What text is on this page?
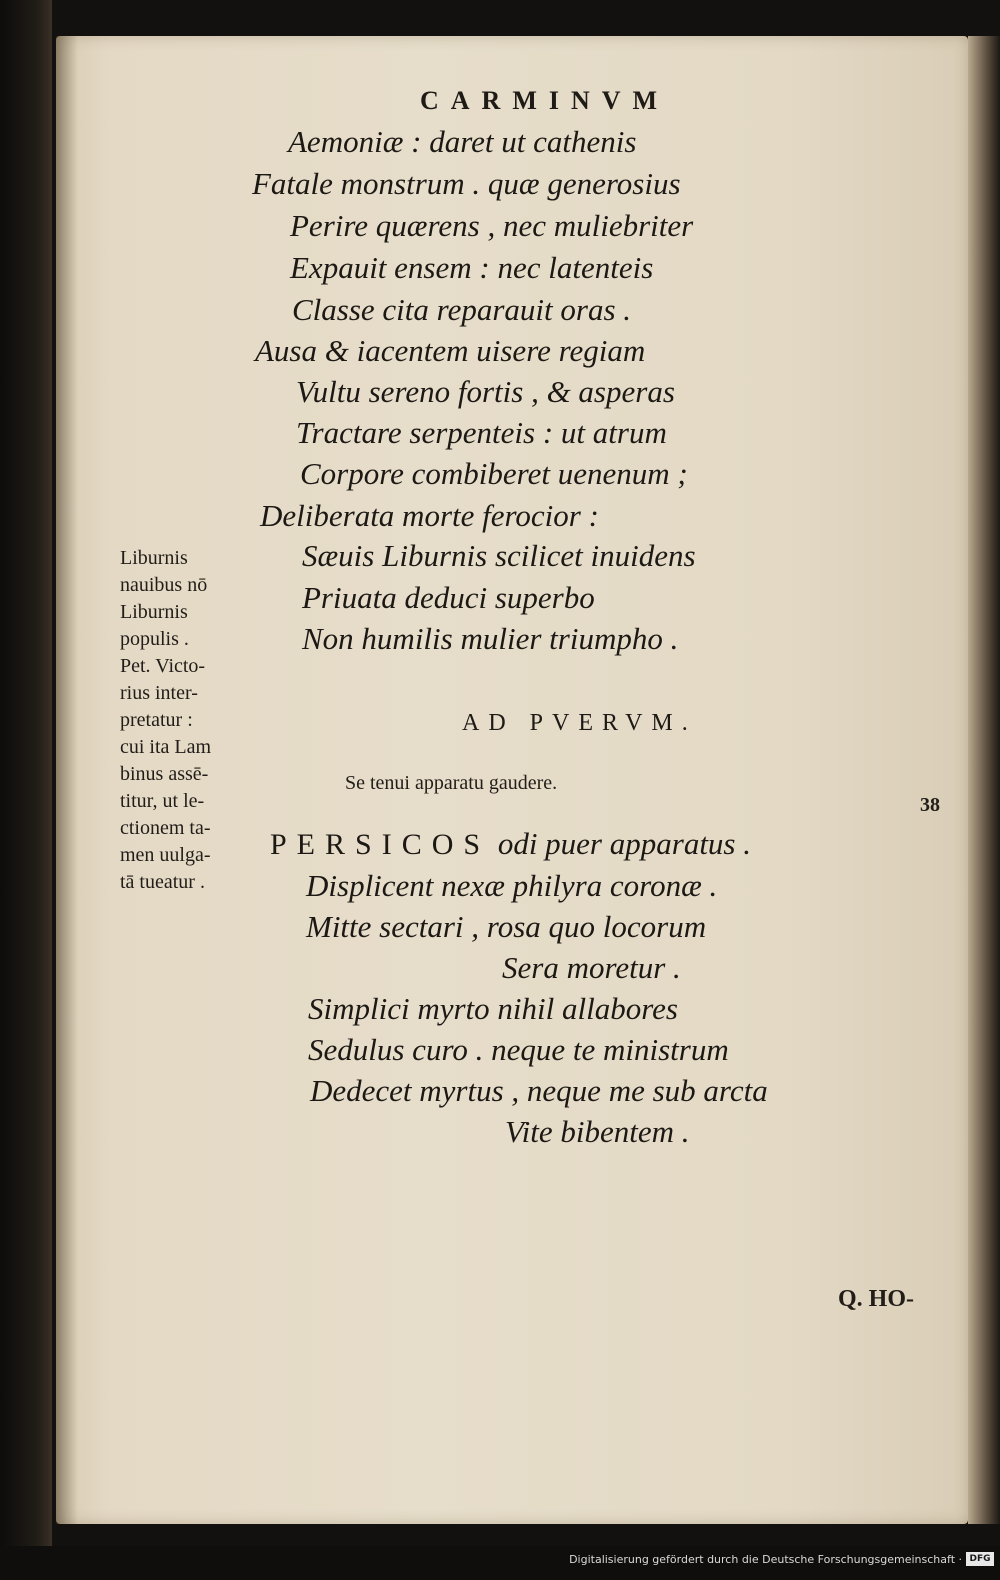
CARMINVM
Aemoniæ : daret ut cathenis
Fatale monstrum . quæ generosius
Perire quærens , nec muliebriter
Expauit ensem : nec latenteis
Classe cita reparauit oras .
Ausa & iacentem uisere regiam
Vultu sereno fortis , & asperas
Tractare serpenteis : ut atrum
Corpore combiberet uenenum ;
Deliberata morte ferocior :
Sæuis Liburnis scilicet inuidens
Priuata deduci superbo
Non humilis mulier triumpho .
Liburnis
nauibus nō
Liburnis
populis .
Pet. Victo-
rius inter-
pretatur :
cui ita Lam
binus assē-
titur, ut le-
ctionem ta-
men uulga-
tā tueatur .
AD PVERVM.
Se tenui apparatu gaudere.
38
PERSICOS odi puer apparatus .
Displicent nexæ philyra coronæ .
Mitte sectari , rosa quo locorum
Sera moretur .
Simplici myrto nihil allabores
Sedulus curo . neque te ministrum
Dedecet myrtus , neque me sub arcta
Vite bibentem .
Q. HO-
Digitalisierung gefördert durch die Deutsche Forschungsgemeinschaft · DFG
